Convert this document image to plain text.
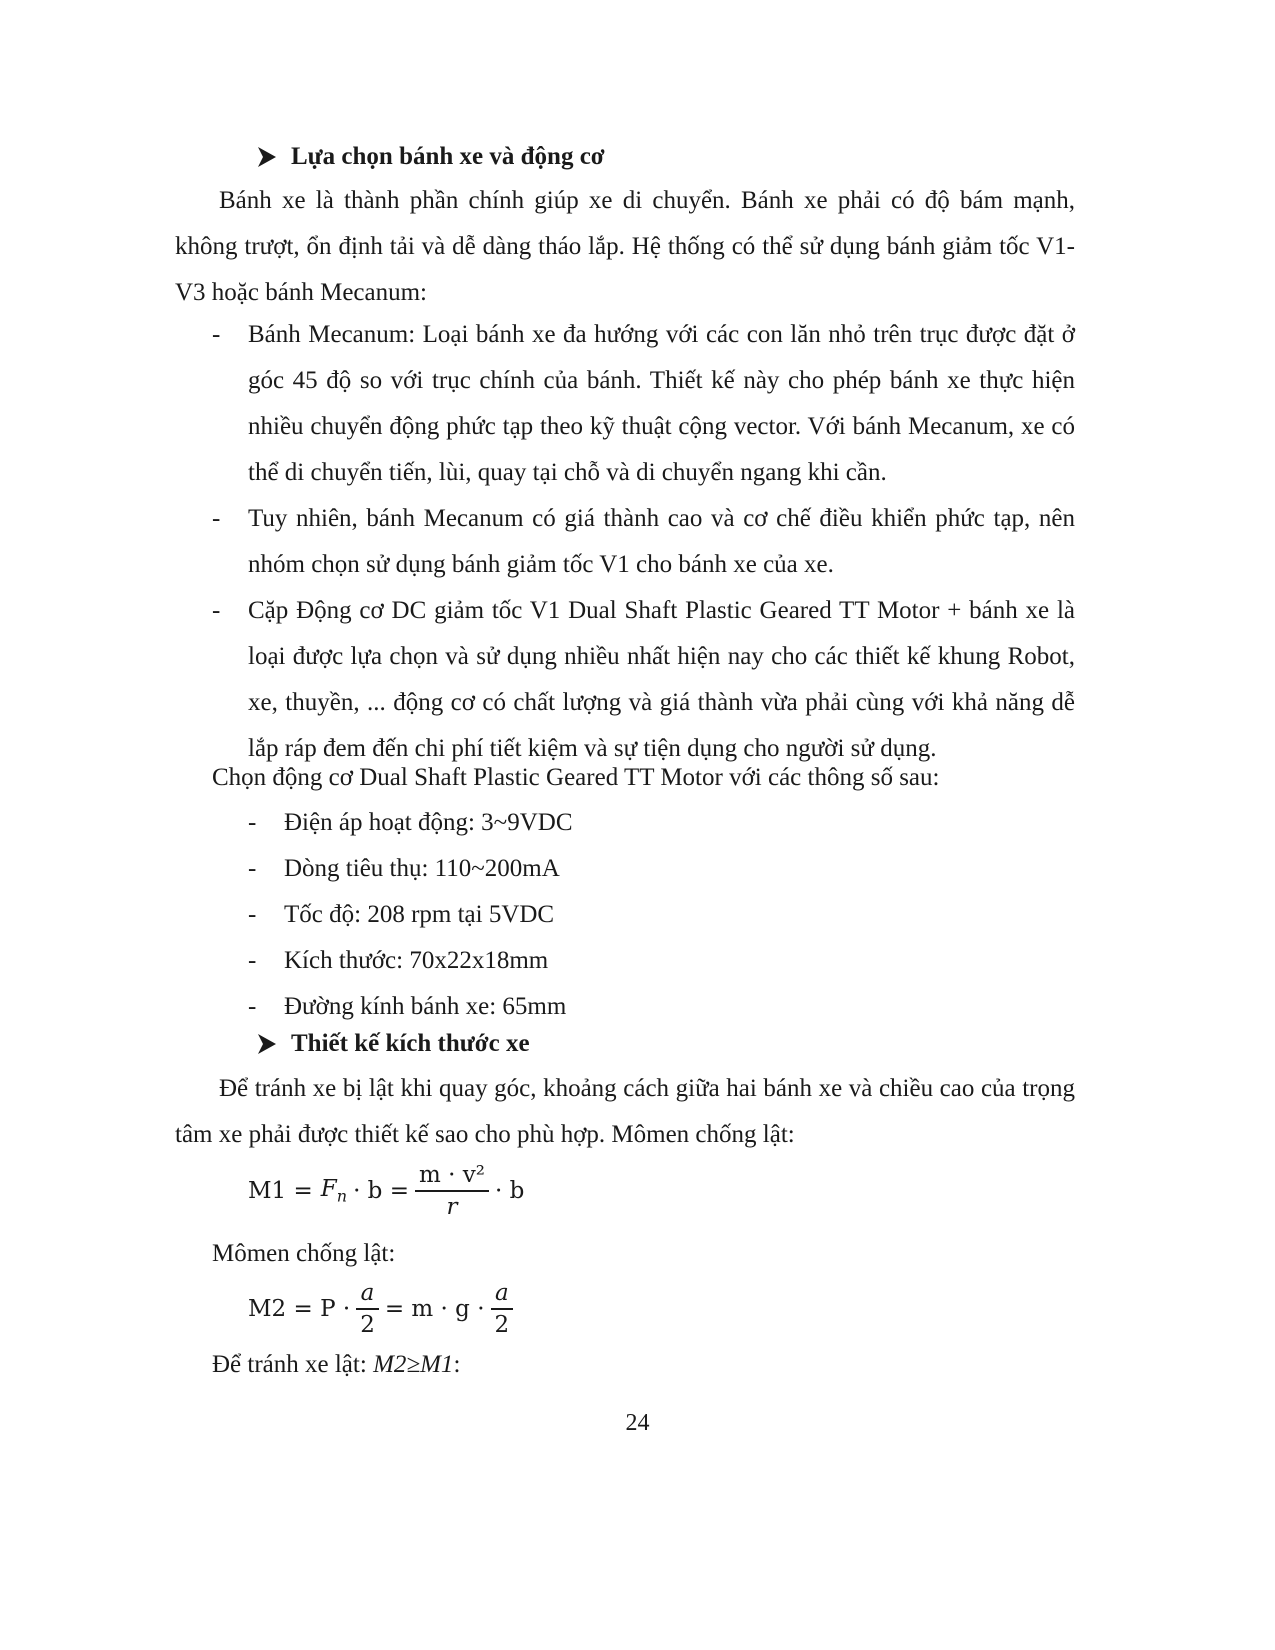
Lựa chọn bánh xe và động cơ

Bánh xe là thành phần chính giúp xe di chuyển. Bánh xe phải có độ bám mạnh, không trượt, ổn định tải và dễ dàng tháo lắp. Hệ thống có thể sử dụng bánh giảm tốc V1-V3 hoặc bánh Mecanum:

- Bánh Mecanum: Loại bánh xe đa hướng với các con lăn nhỏ trên trục được đặt ở góc 45 độ so với trục chính của bánh. Thiết kế này cho phép bánh xe thực hiện nhiều chuyển động phức tạp theo kỹ thuật cộng vector. Với bánh Mecanum, xe có thể di chuyển tiến, lùi, quay tại chỗ và di chuyển ngang khi cần.
- Tuy nhiên, bánh Mecanum có giá thành cao và cơ chế điều khiển phức tạp, nên nhóm chọn sử dụng bánh giảm tốc V1 cho bánh xe của xe.
- Cặp Động cơ DC giảm tốc V1 Dual Shaft Plastic Geared TT Motor + bánh xe là loại được lựa chọn và sử dụng nhiều nhất hiện nay cho các thiết kế khung Robot, xe, thuyền, ... động cơ có chất lượng và giá thành vừa phải cùng với khả năng dễ lắp ráp đem đến chi phí tiết kiệm và sự tiện dụng cho người sử dụng.

Chọn động cơ Dual Shaft Plastic Geared TT Motor với các thông số sau:

- Điện áp hoạt động: 3~9VDC
- Dòng tiêu thụ: 110~200mA
- Tốc độ: 208 rpm tại 5VDC
- Kích thước: 70x22x18mm
- Đường kính bánh xe: 65mm
Thiết kế kích thước xe

Để tránh xe bị lật khi quay góc, khoảng cách giữa hai bánh xe và chiều cao của trọng tâm xe phải được thiết kế sao cho phù hợp. Mômen chống lật:

$M1 = F_n \cdot b = \frac{\text{m · v²}}{r} \cdot b$

Mômen chống lật:

$M2 = P \cdot \frac{a}{2} = m \cdot g \cdot \frac{a}{2}$

Để tránh xe lật: M2≥M1:

24
